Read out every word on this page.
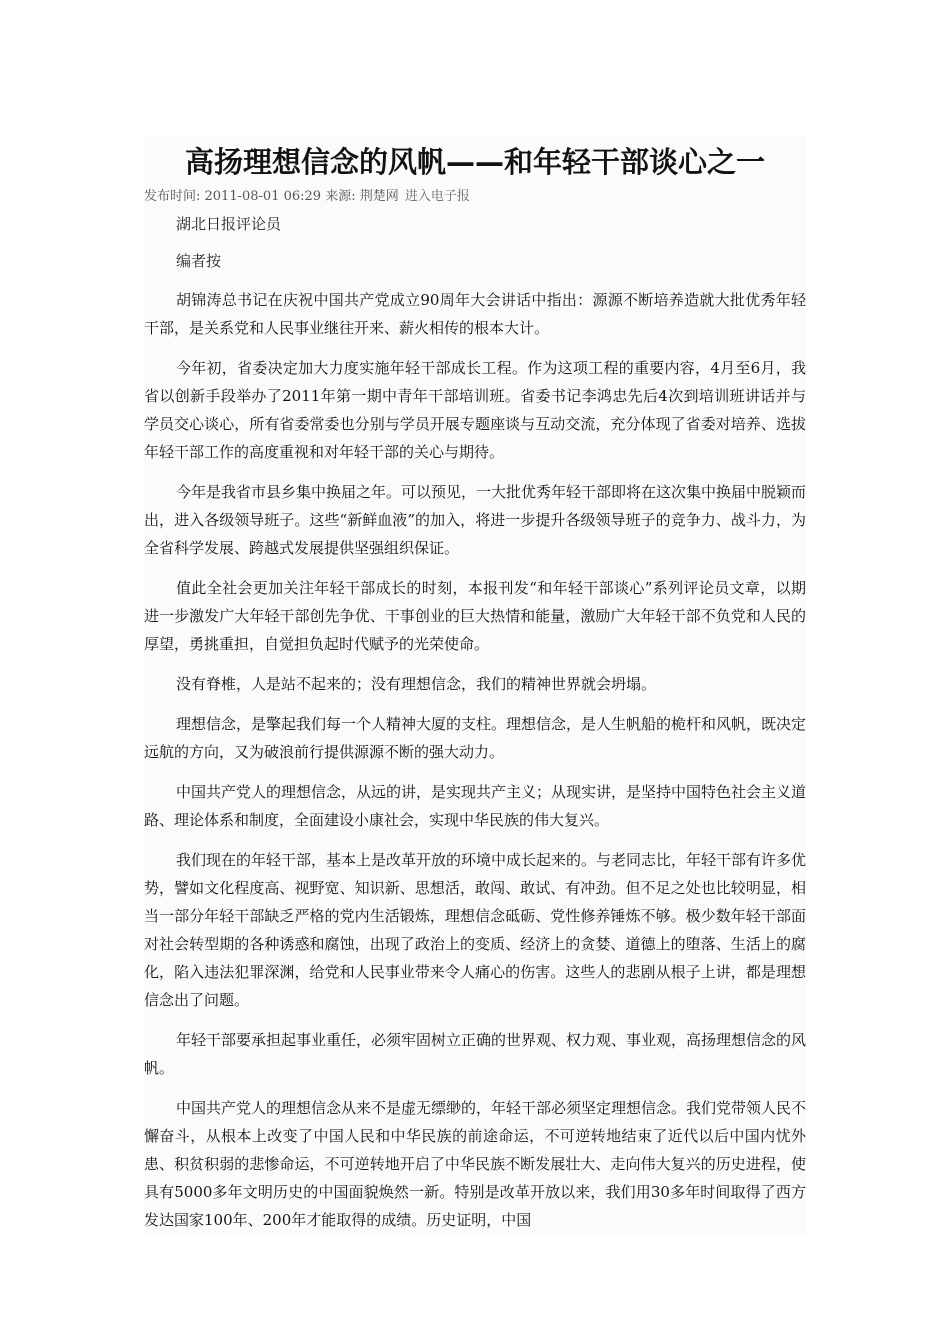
高扬理想信念的风帆——和年轻干部谈心之一

发布时间: 2011-08-01 06:29 来源: 荆楚网 进入电子报

湖北日报评论员

编者按

胡锦涛总书记在庆祝中国共产党成立90周年大会讲话中指出：源源不断培养造就大批优秀年轻干部，是关系党和人民事业继往开来、薪火相传的根本大计。

今年初，省委决定加大力度实施年轻干部成长工程。作为这项工程的重要内容，4月至6月，我省以创新手段举办了2011年第一期中青年干部培训班。省委书记李鸿忠先后4次到培训班讲话并与学员交心谈心，所有省委常委也分别与学员开展专题座谈与互动交流，充分体现了省委对培养、选拔年轻干部工作的高度重视和对年轻干部的关心与期待。

今年是我省市县乡集中换届之年。可以预见，一大批优秀年轻干部即将在这次集中换届中脱颖而出，进入各级领导班子。这些“新鲜血液”的加入，将进一步提升各级领导班子的竞争力、战斗力，为全省科学发展、跨越式发展提供坚强组织保证。

值此全社会更加关注年轻干部成长的时刻，本报刊发“和年轻干部谈心”系列评论员文章，以期进一步激发广大年轻干部创先争优、干事创业的巨大热情和能量，激励广大年轻干部不负党和人民的厚望，勇挑重担，自觉担负起时代赋予的光荣使命。

没有脊椎，人是站不起来的；没有理想信念，我们的精神世界就会坍塌。

理想信念，是擎起我们每一个人精神大厦的支柱。理想信念，是人生帆船的桅杆和风帆，既决定远航的方向，又为破浪前行提供源源不断的强大动力。

中国共产党人的理想信念，从远的讲，是实现共产主义；从现实讲，是坚持中国特色社会主义道路、理论体系和制度，全面建设小康社会，实现中华民族的伟大复兴。

我们现在的年轻干部，基本上是改革开放的环境中成长起来的。与老同志比，年轻干部有许多优势，譬如文化程度高、视野宽、知识新、思想活，敢闯、敢试、有冲劲。但不足之处也比较明显，相当一部分年轻干部缺乏严格的党内生活锻炼，理想信念砥砺、党性修养锤炼不够。极少数年轻干部面对社会转型期的各种诱惑和腐蚀，出现了政治上的变质、经济上的贪婪、道德上的堕落、生活上的腐化，陷入违法犯罪深渊，给党和人民事业带来令人痛心的伤害。这些人的悲剧从根子上讲，都是理想信念出了问题。

年轻干部要承担起事业重任，必须牢固树立正确的世界观、权力观、事业观，高扬理想信念的风帆。

中国共产党人的理想信念从来不是虚无缥缈的，年轻干部必须坚定理想信念。我们党带领人民不懈奋斗，从根本上改变了中国人民和中华民族的前途命运，不可逆转地结束了近代以后中国内忧外患、积贫积弱的悲惨命运，不可逆转地开启了中华民族不断发展壮大、走向伟大复兴的历史进程，使具有5000多年文明历史的中国面貌焕然一新。特别是改革开放以来，我们用30多年时间取得了西方发达国家100年、200年才能取得的成绩。历史证明，中国
